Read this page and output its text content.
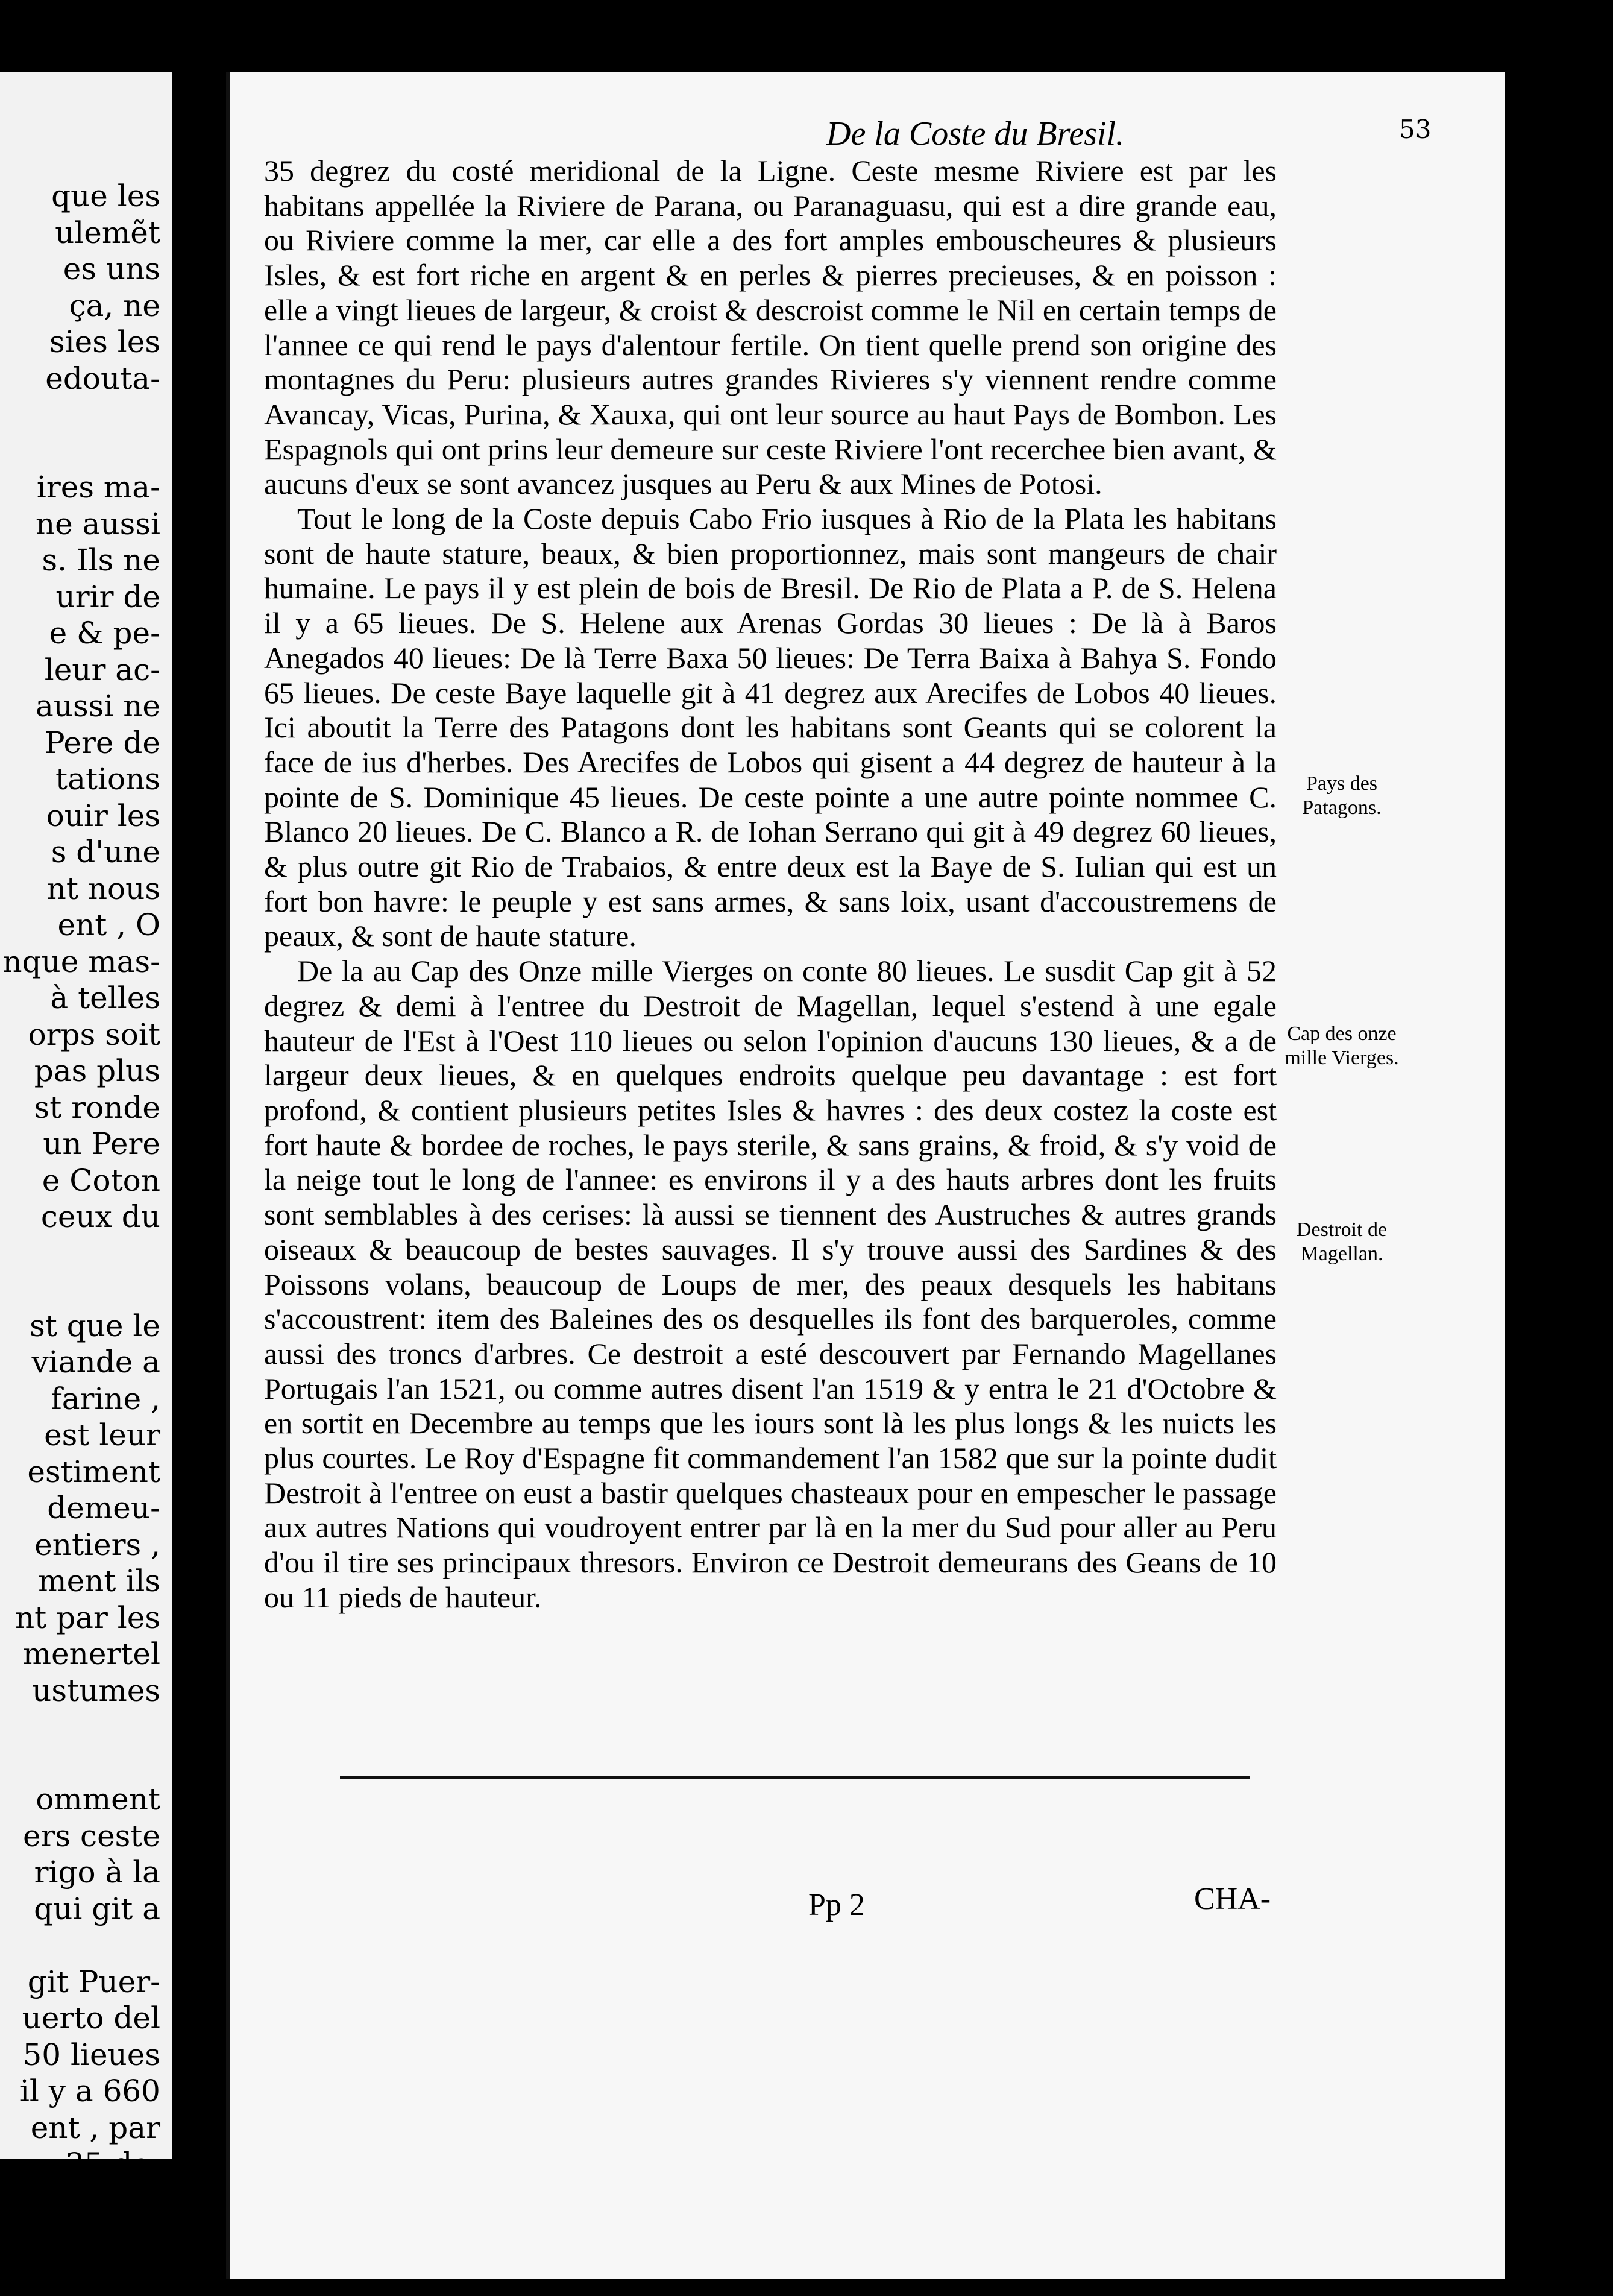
que les
ulemẽt
es uns
ça, ne
sies les
edouta-
ires ma-
ne aussi
s. Ils ne
urir de
e & pe-
leur ac-
aussi ne
Pere de
tations
ouir les
s d'une
nt nous
ent , O
nque mas-
à telles
orps soit
pas plus
st ronde
un Pere
e Coton
ceux du
st que le
viande a
farine ,
est leur
estiment
demeu-
entiers ,
ment ils
nt par les
menertel
ustumes
omment
ers ceste
rigo à la
qui git a

git Puer-
uerto del
50 lieues
il y a 660
ent , par
35 de-
De la Coste du Bresil.	53

35 degrez du costé meridional de la Ligne. Ceste mesme Riviere est par les habitans appellée la Riviere de Parana, ou Paranaguasu, qui est a dire grande eau, ou Riviere comme la mer, car elle a des fort amples embouscheures & plusieurs Isles, & est fort riche en argent & en perles & pierres precieuses, & en poisson : elle a vingt lieues de largeur, & croist & descroist comme le Nil en certain temps de l'annee ce qui rend le pays d'alentour fertile. On tient quelle prend son origine des montagnes du Peru: plusieurs autres grandes Rivieres s'y viennent rendre comme Avancay, Vicas, Purina, & Xauxa, qui ont leur source au haut Pays de Bombon. Les Espagnols qui ont prins leur demeure sur ceste Riviere l'ont recerchee bien avant, & aucuns d'eux se sont avancez jusques au Peru & aux Mines de Potosi.

Tout le long de la Coste depuis Cabo Frio iusques à Rio de la Plata les habitans sont de haute stature, beaux, & bien proportionnez, mais sont mangeurs de chair humaine. Le pays il y est plein de bois de Bresil. De Rio de Plata a P. de S. Helena il y a 65 lieues. De S. Helene aux Arenas Gordas 30 lieues : De là à Baros Anegados 40 lieues: De là Terre Baxa 50 lieues: De Terra Baixa à Bahya S. Fondo 65 lieues. De ceste Baye laquelle git à 41 degrez aux Arecifes de Lobos 40 lieues. Ici aboutit la Terre des Patagons dont les habitans sont Geants qui se colorent la face de ius d'herbes. Des Arecifes de Lobos qui gisent a 44 degrez de hauteur à la pointe de S. Dominique 45 lieues. De ceste pointe a une autre pointe nommee C. Blanco 20 lieues. De C. Blanco a R. de Iohan Serrano qui git à 49 degrez 60 lieues, & plus outre git Rio de Trabaios, & entre deux est la Baye de S. Iulian qui est un fort bon havre: le peuple y est sans armes, & sans loix, usant d'accoustremens de peaux, & sont de haute stature.

De la au Cap des Onze mille Vierges on conte 80 lieues. Le susdit Cap git à 52 degrez & demi à l'entree du Destroit de Magellan, lequel s'estend à une egale hauteur de l'Est à l'Oest 110 lieues ou selon l'opinion d'aucuns 130 lieues, & a de largeur deux lieues, & en quelques endroits quelque peu davantage : est fort profond, & contient plusieurs petites Isles & havres : des deux costez la coste est fort haute & bordee de roches, le pays sterile, & sans grains, & froid, & s'y void de la neige tout le long de l'annee: es environs il y a des hauts arbres dont les fruits sont semblables à des cerises: là aussi se tiennent des Austruches & autres grands oiseaux & beaucoup de bestes sauvages. Il s'y trouve aussi des Sardines & des Poissons volans, beaucoup de Loups de mer, des peaux desquels les habitans s'accoustrent: item des Baleines des os desquelles ils font des barqueroles, comme aussi des troncs d'arbres. Ce destroit a esté descouvert par Fernando Magellanes Portugais l'an 1521, ou comme autres disent l'an 1519 & y entra le 21 d'Octobre & en sortit en Decembre au temps que les iours sont là les plus longs & les nuicts les plus courtes. Le Roy d'Espagne fit commandement l'an 1582 que sur la pointe dudit Destroit à l'entree on eust a bastir quelques chasteaux pour en empescher le passage aux autres Nations qui voudroyent entrer par là en la mer du Sud pour aller au Peru d'ou il tire ses principaux thresors. Environ ce Destroit demeurans des Geans de 10 ou 11 pieds de hauteur.

Pays des Patagons.
Cap des onze mille Vierges.
Destroit de Magellan.
Pp 2	CHA-
